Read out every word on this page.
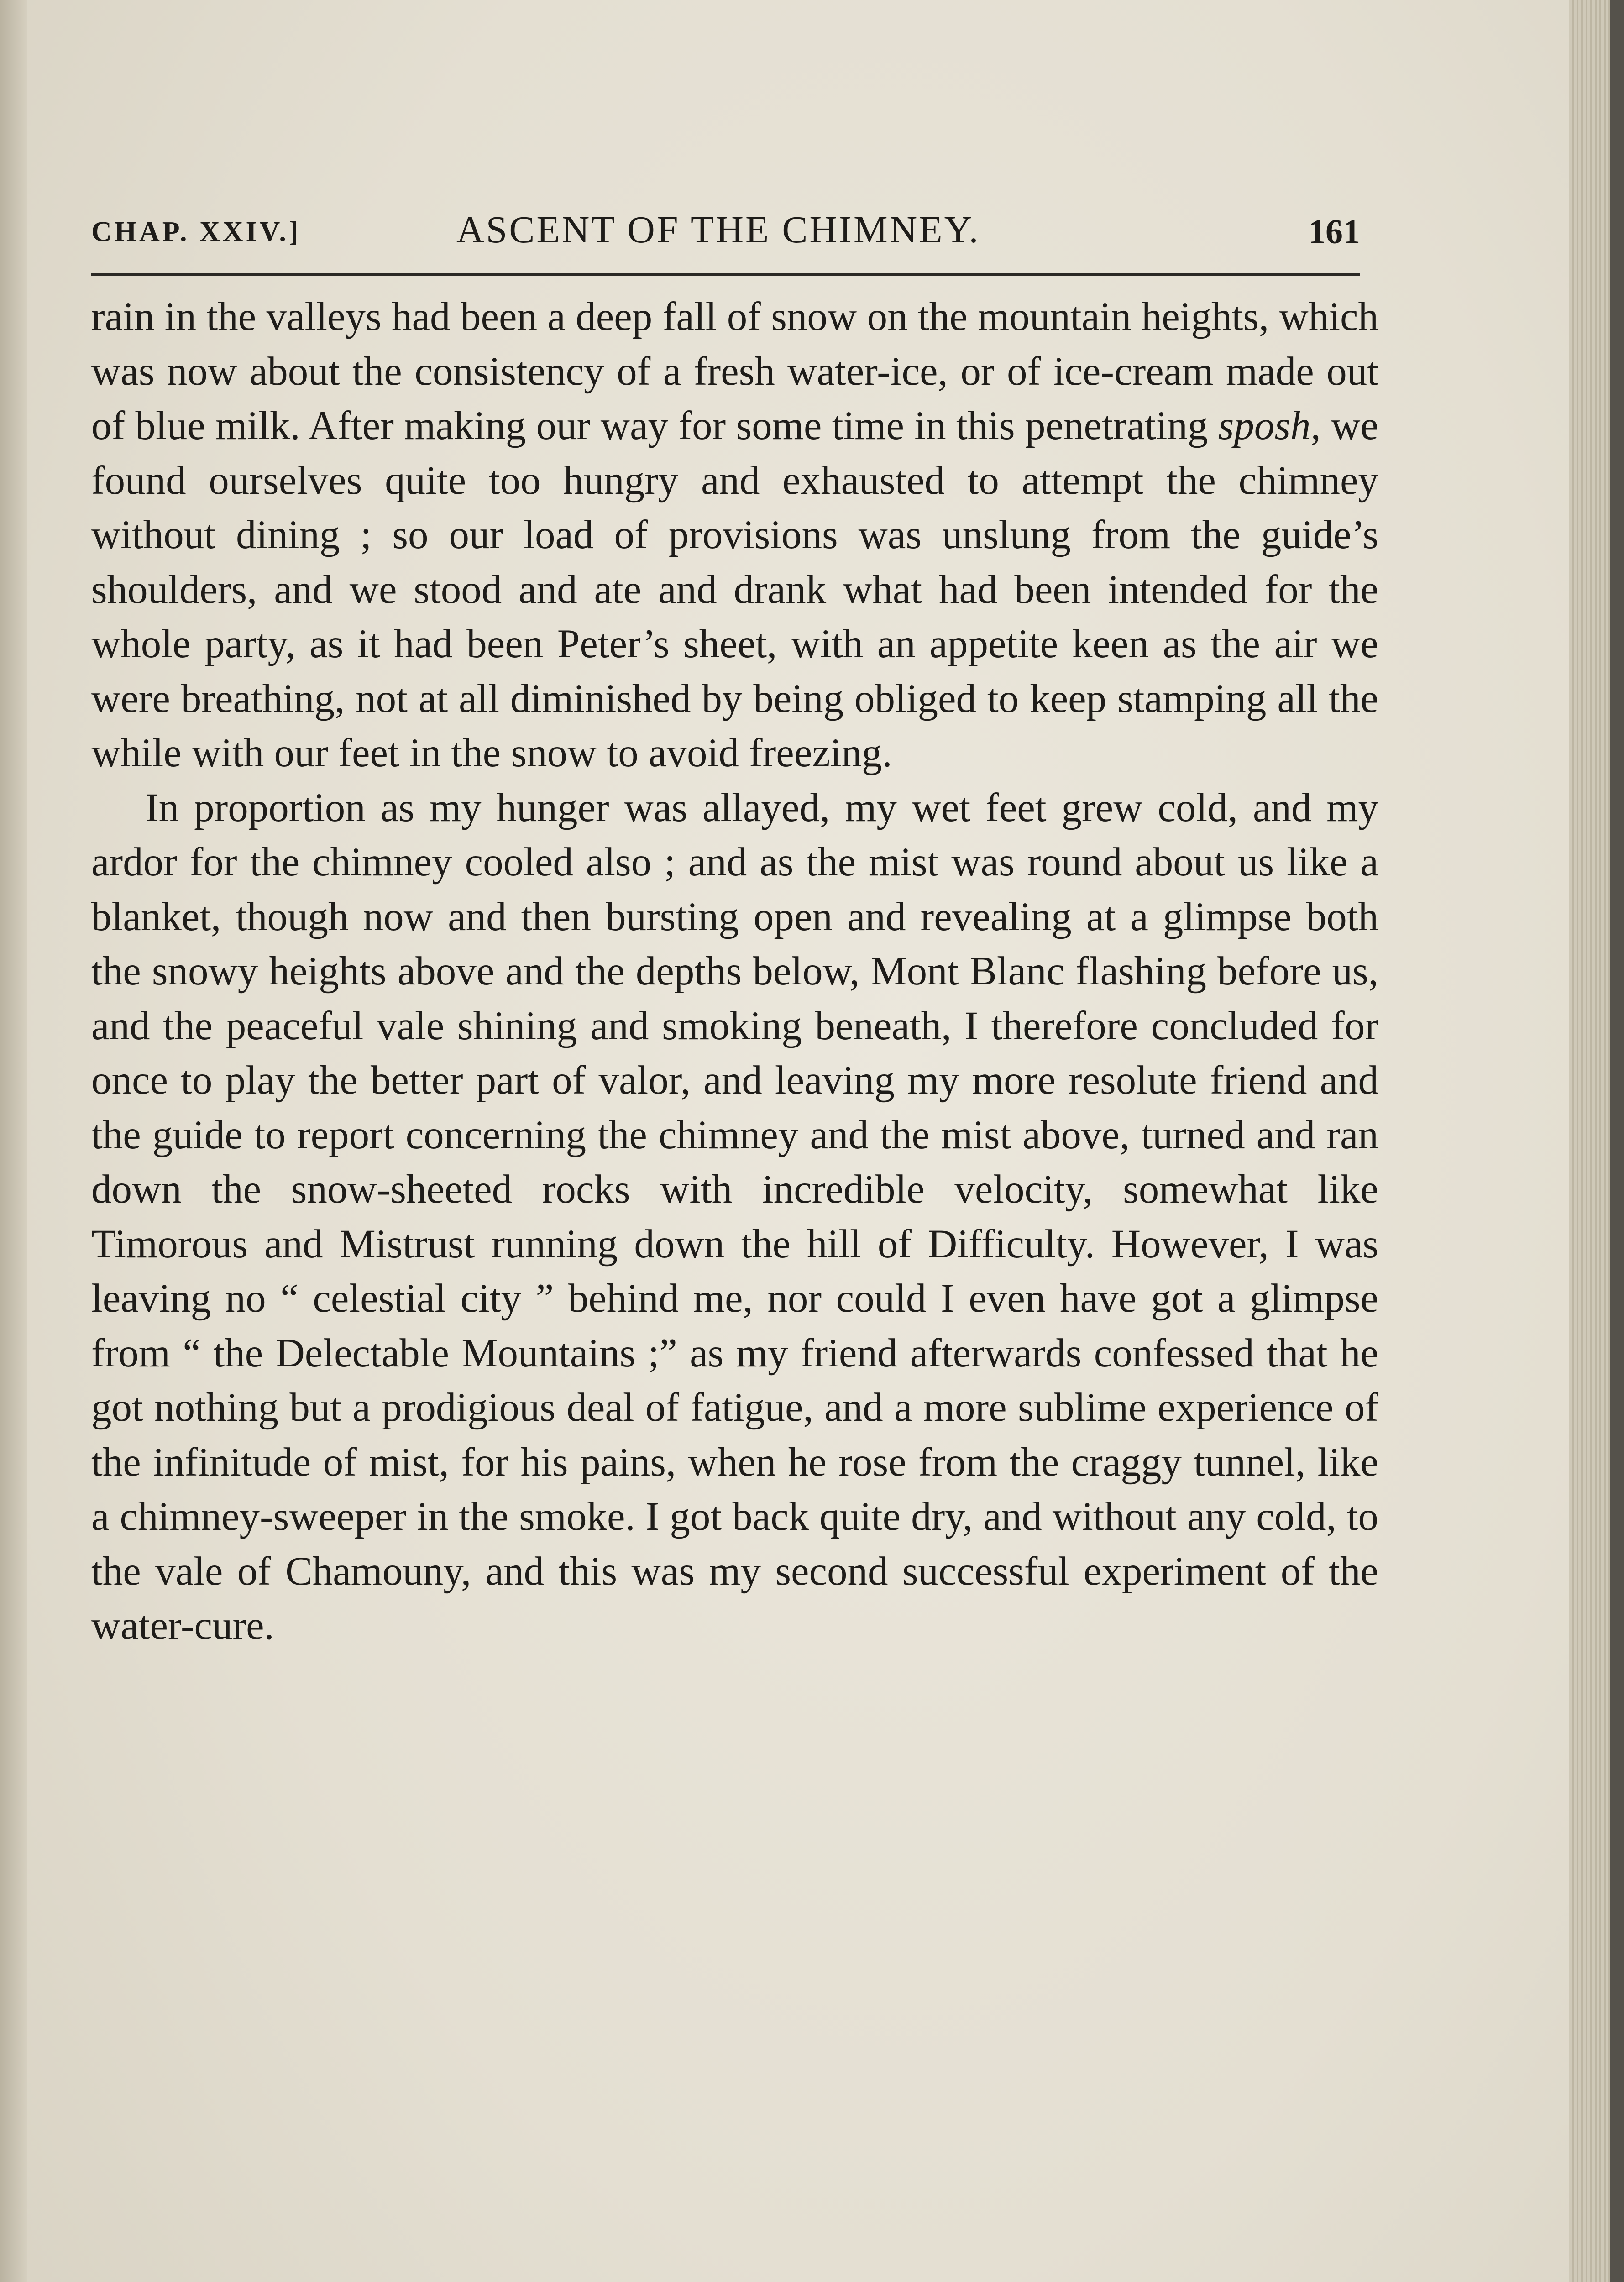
CHAP. XXIV.]	ASCENT OF THE CHIMNEY.	161

rain in the valleys had been a deep fall of snow on the mountain heights, which was now about the consistency of a fresh water-ice, or of ice-cream made out of blue milk. After making our way for some time in this penetrating sposh, we found ourselves quite too hungry and exhausted to attempt the chimney without dining ; so our load of provisions was unslung from the guide’s shoulders, and we stood and ate and drank what had been intended for the whole party, as it had been Peter’s sheet, with an appetite keen as the air we were breathing, not at all diminished by being obliged to keep stamping all the while with our feet in the snow to avoid freezing.

In proportion as my hunger was allayed, my wet feet grew cold, and my ardor for the chimney cooled also ; and as the mist was round about us like a blanket, though now and then bursting open and revealing at a glimpse both the snowy heights above and the depths below, Mont Blanc flashing before us, and the peaceful vale shining and smoking beneath, I therefore concluded for once to play the better part of valor, and leaving my more resolute friend and the guide to report concerning the chimney and the mist above, turned and ran down the snow-sheeted rocks with incredible velocity, somewhat like Timorous and Mistrust running down the hill of Difficulty. However, I was leaving no “ celestial city ” behind me, nor could I even have got a glimpse from “ the Delectable Mountains ;” as my friend afterwards confessed that he got nothing but a prodigious deal of fatigue, and a more sublime experience of the infinitude of mist, for his pains, when he rose from the craggy tunnel, like a chimney-sweeper in the smoke. I got back quite dry, and without any cold, to the vale of Chamouny, and this was my second successful experiment of the water-cure.
